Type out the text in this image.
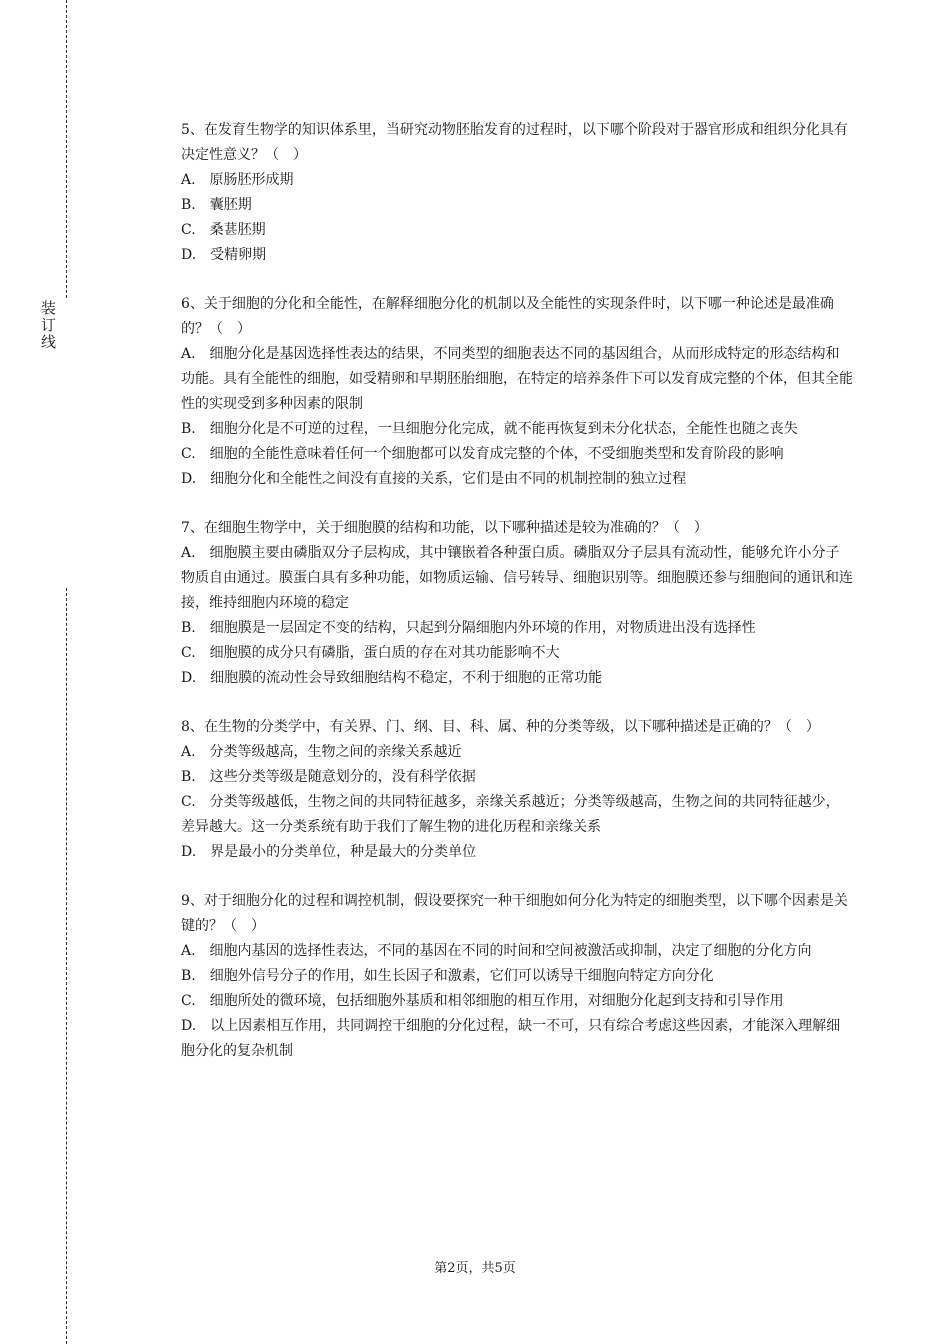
装订线

5、在发育生物学的知识体系里，当研究动物胚胎发育的过程时，以下哪个阶段对于器官形成和组织分化具有决定性意义？（　）

A.　原肠胚形成期

B.　囊胚期

C.　桑葚胚期

D.　受精卵期

6、关于细胞的分化和全能性，在解释细胞分化的机制以及全能性的实现条件时，以下哪一种论述是最准确的？（　）

A.　细胞分化是基因选择性表达的结果，不同类型的细胞表达不同的基因组合，从而形成特定的形态结构和功能。具有全能性的细胞，如受精卵和早期胚胎细胞，在特定的培养条件下可以发育成完整的个体，但其全能性的实现受到多种因素的限制

B.　细胞分化是不可逆的过程，一旦细胞分化完成，就不能再恢复到未分化状态，全能性也随之丧失

C.　细胞的全能性意味着任何一个细胞都可以发育成完整的个体，不受细胞类型和发育阶段的影响

D.　细胞分化和全能性之间没有直接的关系，它们是由不同的机制控制的独立过程

7、在细胞生物学中，关于细胞膜的结构和功能，以下哪种描述是较为准确的？（　）

A.　细胞膜主要由磷脂双分子层构成，其中镶嵌着各种蛋白质。磷脂双分子层具有流动性，能够允许小分子物质自由通过。膜蛋白具有多种功能，如物质运输、信号转导、细胞识别等。细胞膜还参与细胞间的通讯和连接，维持细胞内环境的稳定

B.　细胞膜是一层固定不变的结构，只起到分隔细胞内外环境的作用，对物质进出没有选择性

C.　细胞膜的成分只有磷脂，蛋白质的存在对其功能影响不大

D.　细胞膜的流动性会导致细胞结构不稳定，不利于细胞的正常功能

8、在生物的分类学中，有关界、门、纲、目、科、属、种的分类等级，以下哪种描述是正确的？（　）

A.　分类等级越高，生物之间的亲缘关系越近

B.　这些分类等级是随意划分的，没有科学依据

C.　分类等级越低，生物之间的共同特征越多，亲缘关系越近；分类等级越高，生物之间的共同特征越少，差异越大。这一分类系统有助于我们了解生物的进化历程和亲缘关系

D.　界是最小的分类单位，种是最大的分类单位

9、对于细胞分化的过程和调控机制，假设要探究一种干细胞如何分化为特定的细胞类型，以下哪个因素是关键的？（　）

A.　细胞内基因的选择性表达，不同的基因在不同的时间和空间被激活或抑制，决定了细胞的分化方向

B.　细胞外信号分子的作用，如生长因子和激素，它们可以诱导干细胞向特定方向分化

C.　细胞所处的微环境，包括细胞外基质和相邻细胞的相互作用，对细胞分化起到支持和引导作用

D.　以上因素相互作用，共同调控干细胞的分化过程，缺一不可，只有综合考虑这些因素，才能深入理解细胞分化的复杂机制

第2页，共5页
